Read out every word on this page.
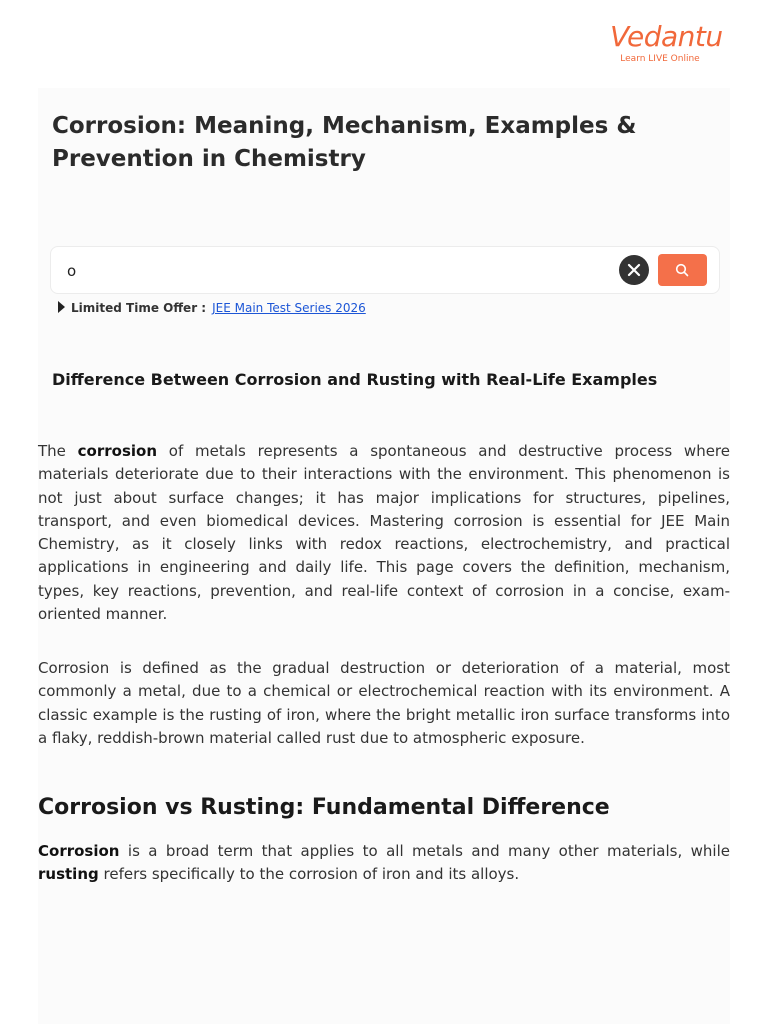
Vedantu
Learn LIVE Online
Corrosion: Meaning, Mechanism, Examples & Prevention in Chemistry
o
Limited Time Offer : JEE Main Test Series 2026
Difference Between Corrosion and Rusting with Real-Life Examples

The corrosion of metals represents a spontaneous and destructive process where materials deteriorate due to their interactions with the environment. This phenomenon is not just about surface changes; it has major implications for structures, pipelines, transport, and even biomedical devices. Mastering corrosion is essential for JEE Main Chemistry, as it closely links with redox reactions, electrochemistry, and practical applications in engineering and daily life. This page covers the definition, mechanism, types, key reactions, prevention, and real-life context of corrosion in a concise, exam-oriented manner.

Corrosion is defined as the gradual destruction or deterioration of a material, most commonly a metal, due to a chemical or electrochemical reaction with its environment. A classic example is the rusting of iron, where the bright metallic iron surface transforms into a flaky, reddish-brown material called rust due to atmospheric exposure.

Corrosion vs Rusting: Fundamental Difference

Corrosion is a broad term that applies to all metals and many other materials, while rusting refers specifically to the corrosion of iron and its alloys.
